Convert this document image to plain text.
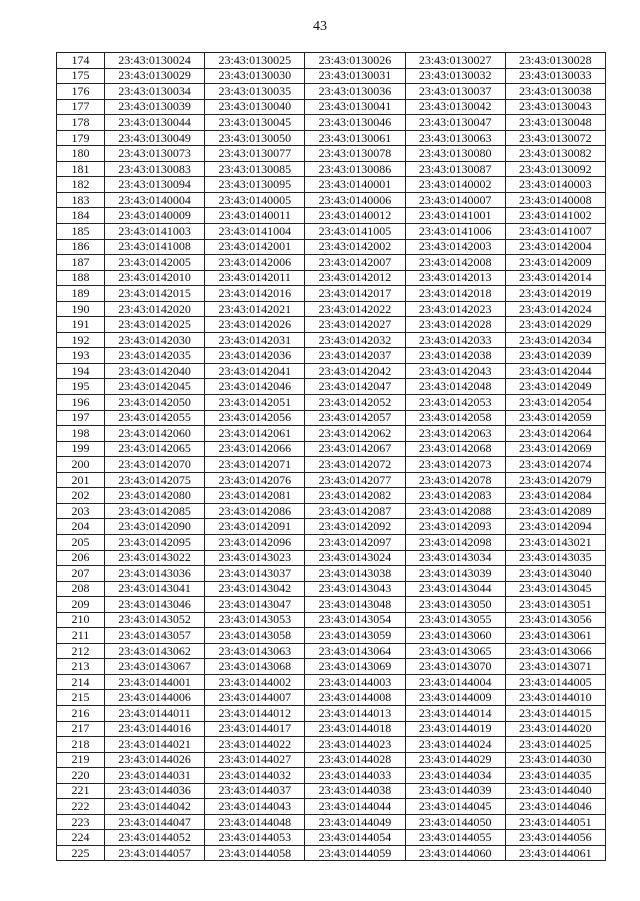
43
174	23:43:0130024	23:43:0130025	23:43:0130026	23:43:0130027	23:43:0130028
175	23:43:0130029	23:43:0130030	23:43:0130031	23:43:0130032	23:43:0130033
176	23:43:0130034	23:43:0130035	23:43:0130036	23:43:0130037	23:43:0130038
177	23:43:0130039	23:43:0130040	23:43:0130041	23:43:0130042	23:43:0130043
178	23:43:0130044	23:43:0130045	23:43:0130046	23:43:0130047	23:43:0130048
179	23:43:0130049	23:43:0130050	23:43:0130061	23:43:0130063	23:43:0130072
180	23:43:0130073	23:43:0130077	23:43:0130078	23:43:0130080	23:43:0130082
181	23:43:0130083	23:43:0130085	23:43:0130086	23:43:0130087	23:43:0130092
182	23:43:0130094	23:43:0130095	23:43:0140001	23:43:0140002	23:43:0140003
183	23:43:0140004	23:43:0140005	23:43:0140006	23:43:0140007	23:43:0140008
184	23:43:0140009	23:43:0140011	23:43:0140012	23:43:0141001	23:43:0141002
185	23:43:0141003	23:43:0141004	23:43:0141005	23:43:0141006	23:43:0141007
186	23:43:0141008	23:43:0142001	23:43:0142002	23:43:0142003	23:43:0142004
187	23:43:0142005	23:43:0142006	23:43:0142007	23:43:0142008	23:43:0142009
188	23:43:0142010	23:43:0142011	23:43:0142012	23:43:0142013	23:43:0142014
189	23:43:0142015	23:43:0142016	23:43:0142017	23:43:0142018	23:43:0142019
190	23:43:0142020	23:43:0142021	23:43:0142022	23:43:0142023	23:43:0142024
191	23:43:0142025	23:43:0142026	23:43:0142027	23:43:0142028	23:43:0142029
192	23:43:0142030	23:43:0142031	23:43:0142032	23:43:0142033	23:43:0142034
193	23:43:0142035	23:43:0142036	23:43:0142037	23:43:0142038	23:43:0142039
194	23:43:0142040	23:43:0142041	23:43:0142042	23:43:0142043	23:43:0142044
195	23:43:0142045	23:43:0142046	23:43:0142047	23:43:0142048	23:43:0142049
196	23:43:0142050	23:43:0142051	23:43:0142052	23:43:0142053	23:43:0142054
197	23:43:0142055	23:43:0142056	23:43:0142057	23:43:0142058	23:43:0142059
198	23:43:0142060	23:43:0142061	23:43:0142062	23:43:0142063	23:43:0142064
199	23:43:0142065	23:43:0142066	23:43:0142067	23:43:0142068	23:43:0142069
200	23:43:0142070	23:43:0142071	23:43:0142072	23:43:0142073	23:43:0142074
201	23:43:0142075	23:43:0142076	23:43:0142077	23:43:0142078	23:43:0142079
202	23:43:0142080	23:43:0142081	23:43:0142082	23:43:0142083	23:43:0142084
203	23:43:0142085	23:43:0142086	23:43:0142087	23:43:0142088	23:43:0142089
204	23:43:0142090	23:43:0142091	23:43:0142092	23:43:0142093	23:43:0142094
205	23:43:0142095	23:43:0142096	23:43:0142097	23:43:0142098	23:43:0143021
206	23:43:0143022	23:43:0143023	23:43:0143024	23:43:0143034	23:43:0143035
207	23:43:0143036	23:43:0143037	23:43:0143038	23:43:0143039	23:43:0143040
208	23:43:0143041	23:43:0143042	23:43:0143043	23:43:0143044	23:43:0143045
209	23:43:0143046	23:43:0143047	23:43:0143048	23:43:0143050	23:43:0143051
210	23:43:0143052	23:43:0143053	23:43:0143054	23:43:0143055	23:43:0143056
211	23:43:0143057	23:43:0143058	23:43:0143059	23:43:0143060	23:43:0143061
212	23:43:0143062	23:43:0143063	23:43:0143064	23:43:0143065	23:43:0143066
213	23:43:0143067	23:43:0143068	23:43:0143069	23:43:0143070	23:43:0143071
214	23:43:0144001	23:43:0144002	23:43:0144003	23:43:0144004	23:43:0144005
215	23:43:0144006	23:43:0144007	23:43:0144008	23:43:0144009	23:43:0144010
216	23:43:0144011	23:43:0144012	23:43:0144013	23:43:0144014	23:43:0144015
217	23:43:0144016	23:43:0144017	23:43:0144018	23:43:0144019	23:43:0144020
218	23:43:0144021	23:43:0144022	23:43:0144023	23:43:0144024	23:43:0144025
219	23:43:0144026	23:43:0144027	23:43:0144028	23:43:0144029	23:43:0144030
220	23:43:0144031	23:43:0144032	23:43:0144033	23:43:0144034	23:43:0144035
221	23:43:0144036	23:43:0144037	23:43:0144038	23:43:0144039	23:43:0144040
222	23:43:0144042	23:43:0144043	23:43:0144044	23:43:0144045	23:43:0144046
223	23:43:0144047	23:43:0144048	23:43:0144049	23:43:0144050	23:43:0144051
224	23:43:0144052	23:43:0144053	23:43:0144054	23:43:0144055	23:43:0144056
225	23:43:0144057	23:43:0144058	23:43:0144059	23:43:0144060	23:43:0144061
